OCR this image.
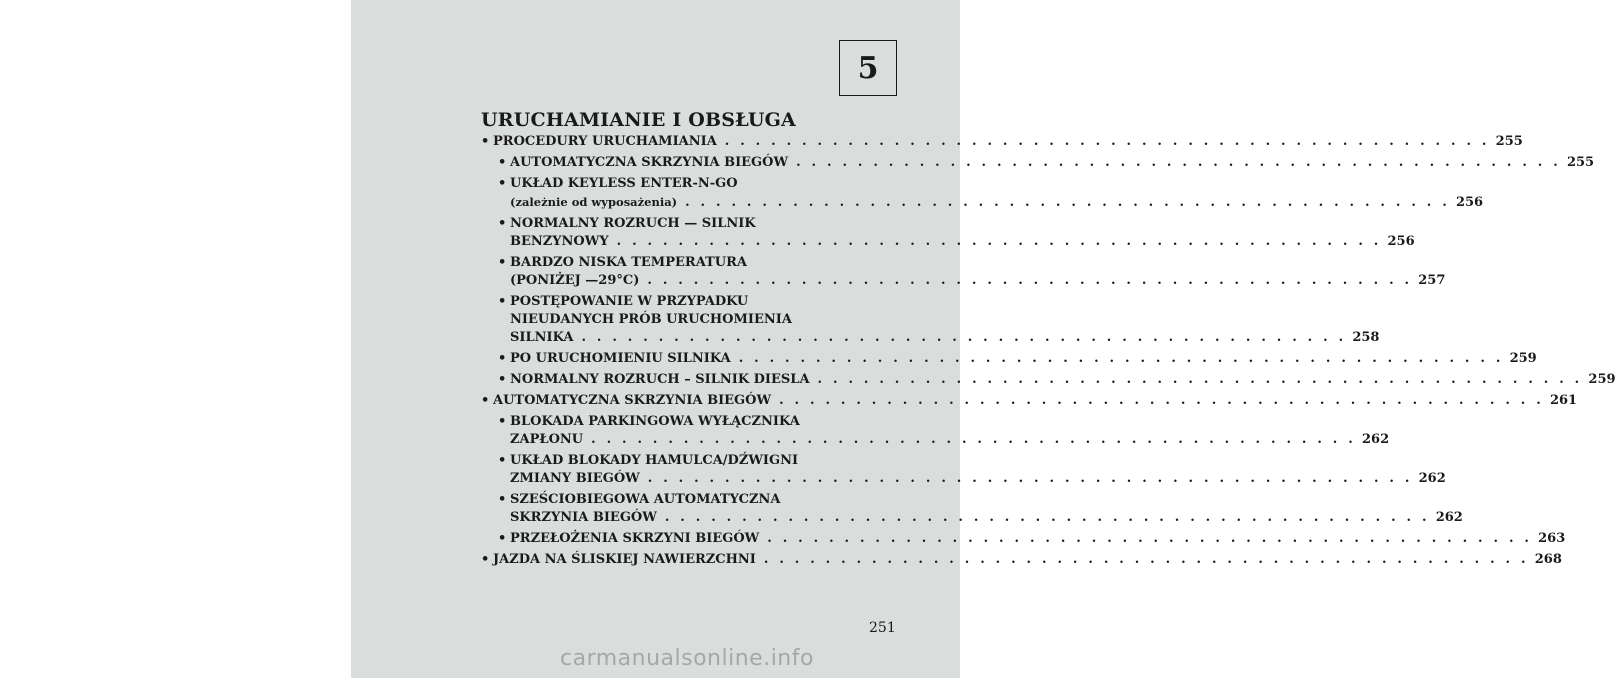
5
URUCHAMIANIE I OBSŁUGA
• PROCEDURY URUCHAMIANIA . . . . . . . . . . . . . . . . . . . . . . . . . . . . . . . . . . . . . . . . . . . . . . . . . . 255
• AUTOMATYCZNA SKRZYNIA BIEGÓW . . . . . . . . . . . . . . . . . . . . . . . . . . . . . . . . . . . . . . . . . . . . . . . . . . 255
• UKŁAD KEYLESS ENTER-N-GO
(zależnie od wyposażenia) . . . . . . . . . . . . . . . . . . . . . . . . . . . . . . . . . . . . . . . . . . . . . . . . . . 256
• NORMALNY ROZRUCH — SILNIK
BENZYNOWY . . . . . . . . . . . . . . . . . . . . . . . . . . . . . . . . . . . . . . . . . . . . . . . . . . 256
• BARDZO NISKA TEMPERATURA
(PONIŻEJ —29°C) . . . . . . . . . . . . . . . . . . . . . . . . . . . . . . . . . . . . . . . . . . . . . . . . . . 257
• POSTĘPOWANIE W PRZYPADKU
NIEUDANYCH PRÓB URUCHOMIENIA
SILNIKA . . . . . . . . . . . . . . . . . . . . . . . . . . . . . . . . . . . . . . . . . . . . . . . . . . 258
• PO URUCHOMIENIU SILNIKA . . . . . . . . . . . . . . . . . . . . . . . . . . . . . . . . . . . . . . . . . . . . . . . . . . 259
• NORMALNY ROZRUCH – SILNIK DIESLA . . . . . . . . . . . . . . . . . . . . . . . . . . . . . . . . . . . . . . . . . . . . . . . . . . 259
• AUTOMATYCZNA SKRZYNIA BIEGÓW . . . . . . . . . . . . . . . . . . . . . . . . . . . . . . . . . . . . . . . . . . . . . . . . . . 261
• BLOKADA PARKINGOWA WYŁĄCZNIKA
ZAPŁONU . . . . . . . . . . . . . . . . . . . . . . . . . . . . . . . . . . . . . . . . . . . . . . . . . . 262
• UKŁAD BLOKADY HAMULCA/DŹWIGNI
ZMIANY BIEGÓW . . . . . . . . . . . . . . . . . . . . . . . . . . . . . . . . . . . . . . . . . . . . . . . . . . 262
• SZEŚCIOBIEGOWA AUTOMATYCZNA
SKRZYNIA BIEGÓW . . . . . . . . . . . . . . . . . . . . . . . . . . . . . . . . . . . . . . . . . . . . . . . . . . 262
• PRZEŁOŻENIA SKRZYNI BIEGÓW . . . . . . . . . . . . . . . . . . . . . . . . . . . . . . . . . . . . . . . . . . . . . . . . . . 263
• JAZDA NA ŚLISKIEJ NAWIERZCHNI . . . . . . . . . . . . . . . . . . . . . . . . . . . . . . . . . . . . . . . . . . . . . . . . . . 268
251
carmanualsonline.info
